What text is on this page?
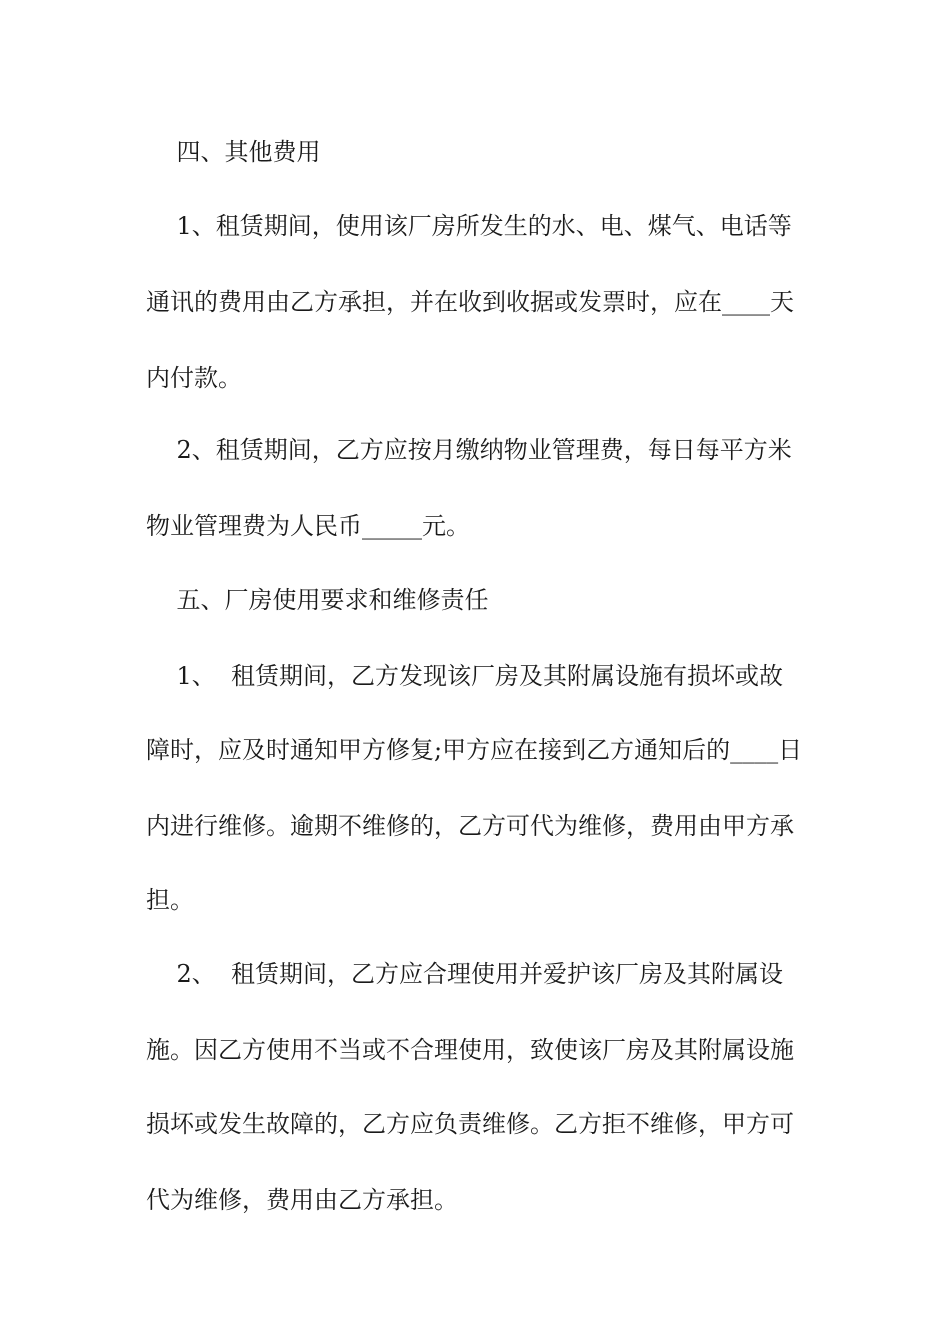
四、其他费用
1、租赁期间，使用该厂房所发生的水、电、煤气、电话等
通讯的费用由乙方承担，并在收到收据或发票时，应在____天
内付款。
2、租赁期间，乙方应按月缴纳物业管理费，每日每平方米
物业管理费为人民币_____元。
五、厂房使用要求和维修责任
1、  租赁期间，乙方发现该厂房及其附属设施有损坏或故
障时，应及时通知甲方修复;甲方应在接到乙方通知后的____日
内进行维修。逾期不维修的，乙方可代为维修，费用由甲方承
担。
2、  租赁期间，乙方应合理使用并爱护该厂房及其附属设
施。因乙方使用不当或不合理使用，致使该厂房及其附属设施
损坏或发生故障的，乙方应负责维修。乙方拒不维修，甲方可
代为维修，费用由乙方承担。
